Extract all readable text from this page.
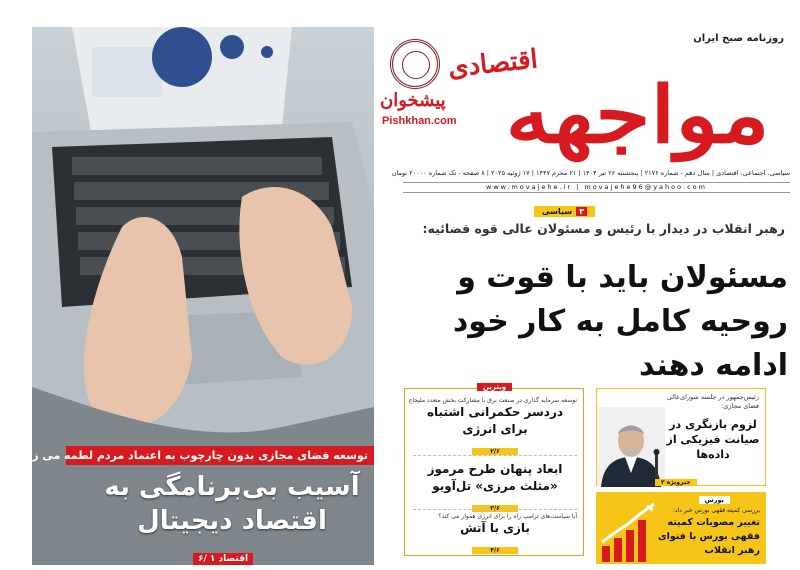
آسیب بی‌برنامگی به اقتصاد دیجیتال
توسعه فضای مجازی بدون چارچوب به اعتماد مردم لطمه می زند
اقتصاد ۱ /۶
روزنامه صبح ایران
اقتصادی
مواجهه
پیشخوان
Pishkhan.com
سیاسی، اجتماعی، اقتصادی | سال دهم - شماره ۲۱۷۶ | پنجشنبه ۲۶ تیر ۱۴۰۴ | ۲۱ محرم ۱۴۴۷ | ۱۷ ژوئیه ۲۰۲۵ | ۸ صفحه - تک شماره ۲۰۰۰۰ تومان
www.movajehe.ir | movajehe96@yahoo.com
۳سیاسی
رهبر انقلاب در دیدار با رئیس و مسئولان عالی قوه قضائیه:
مسئولان باید با قوت و روحیه کامل به کار خود ادامه دهند
ویترین
توسعه سرمایه گذاری در صنعت برق با مشارکت بخش متعدد ملیجاج
دردسر حکمرانی اشتباه برای انرژی
۲/۶
ابعاد پنهان طرح مرموز «مثلث مرزی» تل‌آویو
۳/۶
آیا سیاست‌های ترامپ راه را برای انرژی هموار می کند؟
بازی با آتش
۴/۶
رئیس‌جمهور در جلسه شورای‌عالی فضای مجازی:
لزوم بازنگری در صیانت فیزیکی از داده‌ها
خبرویژه ۲
بورس
بررسی کمیته فقهی بورس خبر داد:
تغییر مصوبات کمیته فقهی بورس با فتوای رهبر انقلاب
